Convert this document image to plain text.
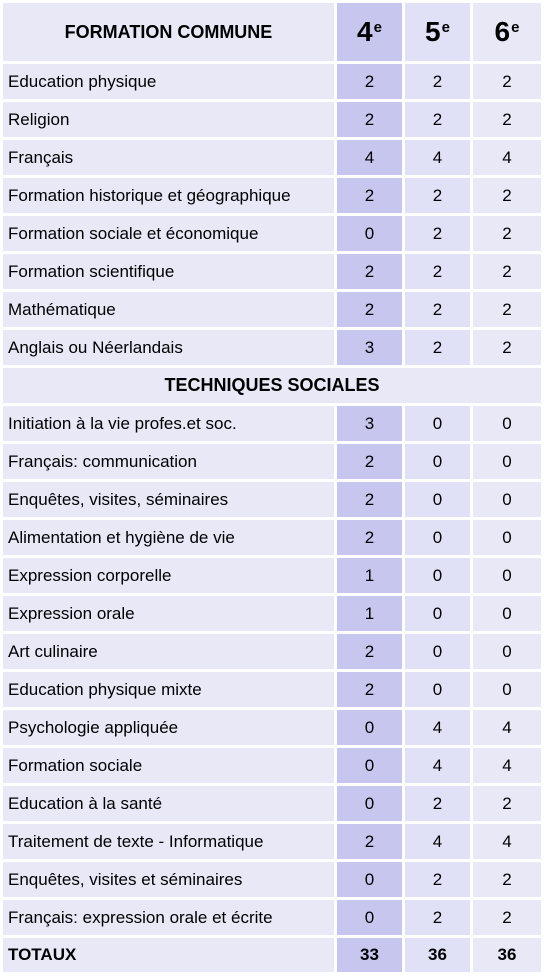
FORMATION COMMUNE	4e	5e	6e
Education physique	2	2	2
Religion	2	2	2
Français	4	4	4
Formation historique et géographique	2	2	2
Formation sociale et économique	0	2	2
Formation scientifique	2	2	2
Mathématique	2	2	2
Anglais ou Néerlandais	3	2	2
TECHNIQUES SOCIALES			
Initiation à la vie profes.et soc.	3	0	0
Français: communication	2	0	0
Enquêtes, visites, séminaires	2	0	0
Alimentation et hygiène de vie	2	0	0
Expression corporelle	1	0	0
Expression orale	1	0	0
Art culinaire	2	0	0
Education physique mixte	2	0	0
Psychologie appliquée	0	4	4
Formation sociale	0	4	4
Education à la santé	0	2	2
Traitement de texte - Informatique	2	4	4
Enquêtes, visites et séminaires	0	2	2
Français: expression orale et écrite	0	2	2
TOTAUX	33	36	36
